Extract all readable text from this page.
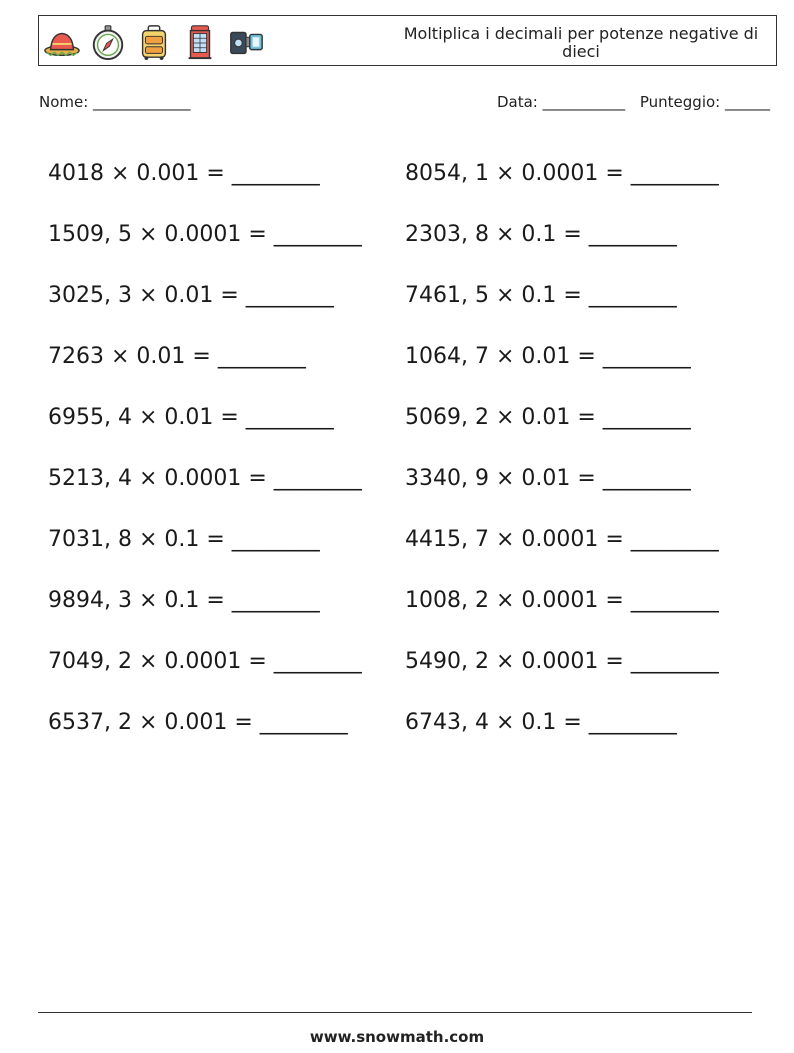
Moltiplica i decimali per potenze negative di dieci
Nome: _____________	Data: ___________ Punteggio: ______
4018 × 0.001 = ________	8054, 1 × 0.0001 = ________
1509, 5 × 0.0001 = ________	2303, 8 × 0.1 = ________
3025, 3 × 0.01 = ________	7461, 5 × 0.1 = ________
7263 × 0.01 = ________	1064, 7 × 0.01 = ________
6955, 4 × 0.01 = ________	5069, 2 × 0.01 = ________
5213, 4 × 0.0001 = ________	3340, 9 × 0.01 = ________
7031, 8 × 0.1 = ________	4415, 7 × 0.0001 = ________
9894, 3 × 0.1 = ________	1008, 2 × 0.0001 = ________
7049, 2 × 0.0001 = ________	5490, 2 × 0.0001 = ________
6537, 2 × 0.001 = ________	6743, 4 × 0.1 = ________
www.snowmath.com
